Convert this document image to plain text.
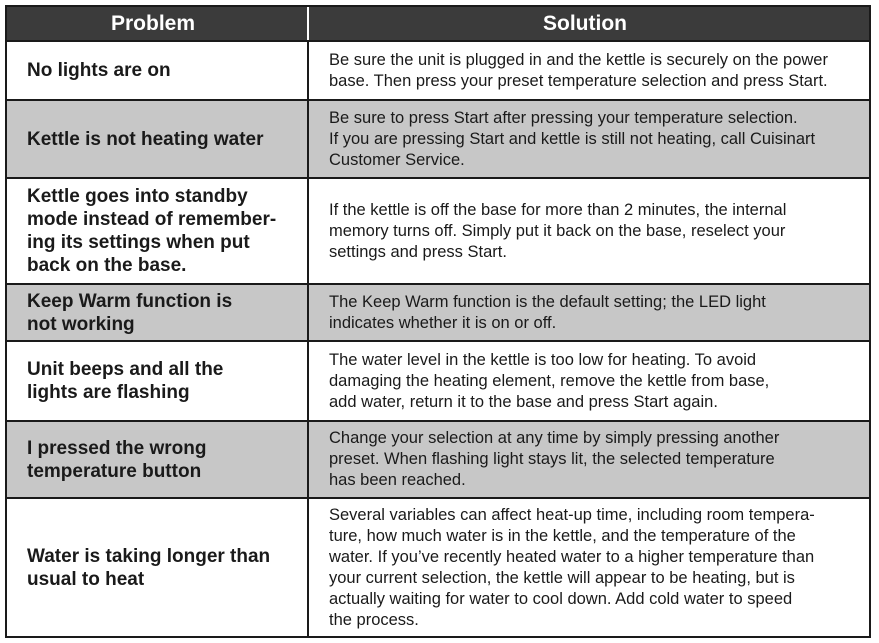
Problem	Solution
No lights are on
Be sure the unit is plugged in and the kettle is securely on the power
base. Then press your preset temperature selection and press Start.
Kettle is not heating water
Be sure to press Start after pressing your temperature selection.
If you are pressing Start and kettle is still not heating, call Cuisinart
Customer Service.
Kettle goes into standby
mode instead of remember-
ing its settings when put
back on the base.
If the kettle is off the base for more than 2 minutes, the internal
memory turns off. Simply put it back on the base, reselect your
settings and press Start.
Keep Warm function is
not working
The Keep Warm function is the default setting; the LED light
indicates whether it is on or off.
Unit beeps and all the
lights are flashing
The water level in the kettle is too low for heating. To avoid
damaging the heating element, remove the kettle from base,
add water, return it to the base and press Start again.
I pressed the wrong
temperature button
Change your selection at any time by simply pressing another
preset. When flashing light stays lit, the selected temperature
has been reached.
Water is taking longer than
usual to heat
Several variables can affect heat-up time, including room tempera-
ture, how much water is in the kettle, and the temperature of the
water. If you’ve recently heated water to a higher temperature than
your current selection, the kettle will appear to be heating, but is
actually waiting for water to cool down. Add cold water to speed
the process.
